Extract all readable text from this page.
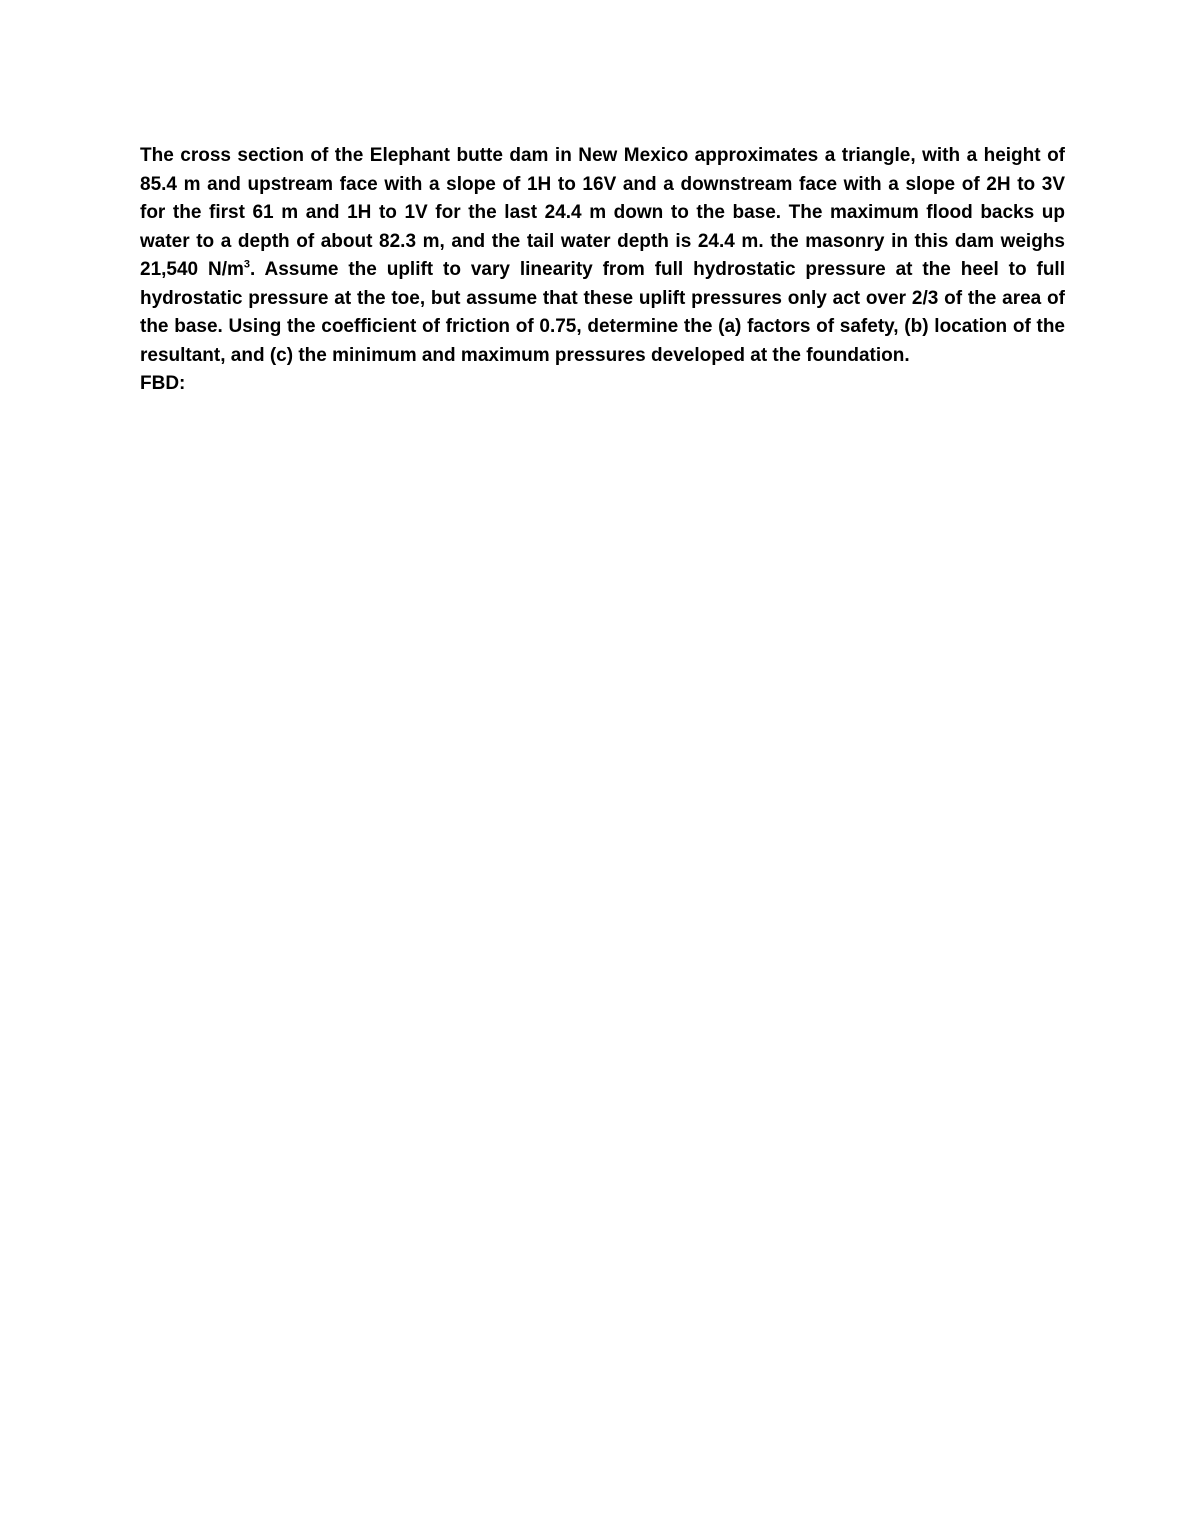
The cross section of the Elephant butte dam in New Mexico approximates a triangle, with a height of 85.4 m and upstream face with a slope of 1H to 16V and a downstream face with a slope of 2H to 3V for the first 61 m and 1H to 1V for the last 24.4 m down to the base. The maximum flood backs up water to a depth of about 82.3 m, and the tail water depth is 24.4 m. the masonry in this dam weighs 21,540 $N/m^3$. Assume the uplift to vary linearity from full hydrostatic pressure at the heel to full hydrostatic pressure at the toe, but assume that these uplift pressures only act over 2/3 of the area of the base. Using the coefficient of friction of 0.75, determine the (a) factors of safety, (b) location of the resultant, and (c) the minimum and maximum pressures developed at the foundation.

FBD:
